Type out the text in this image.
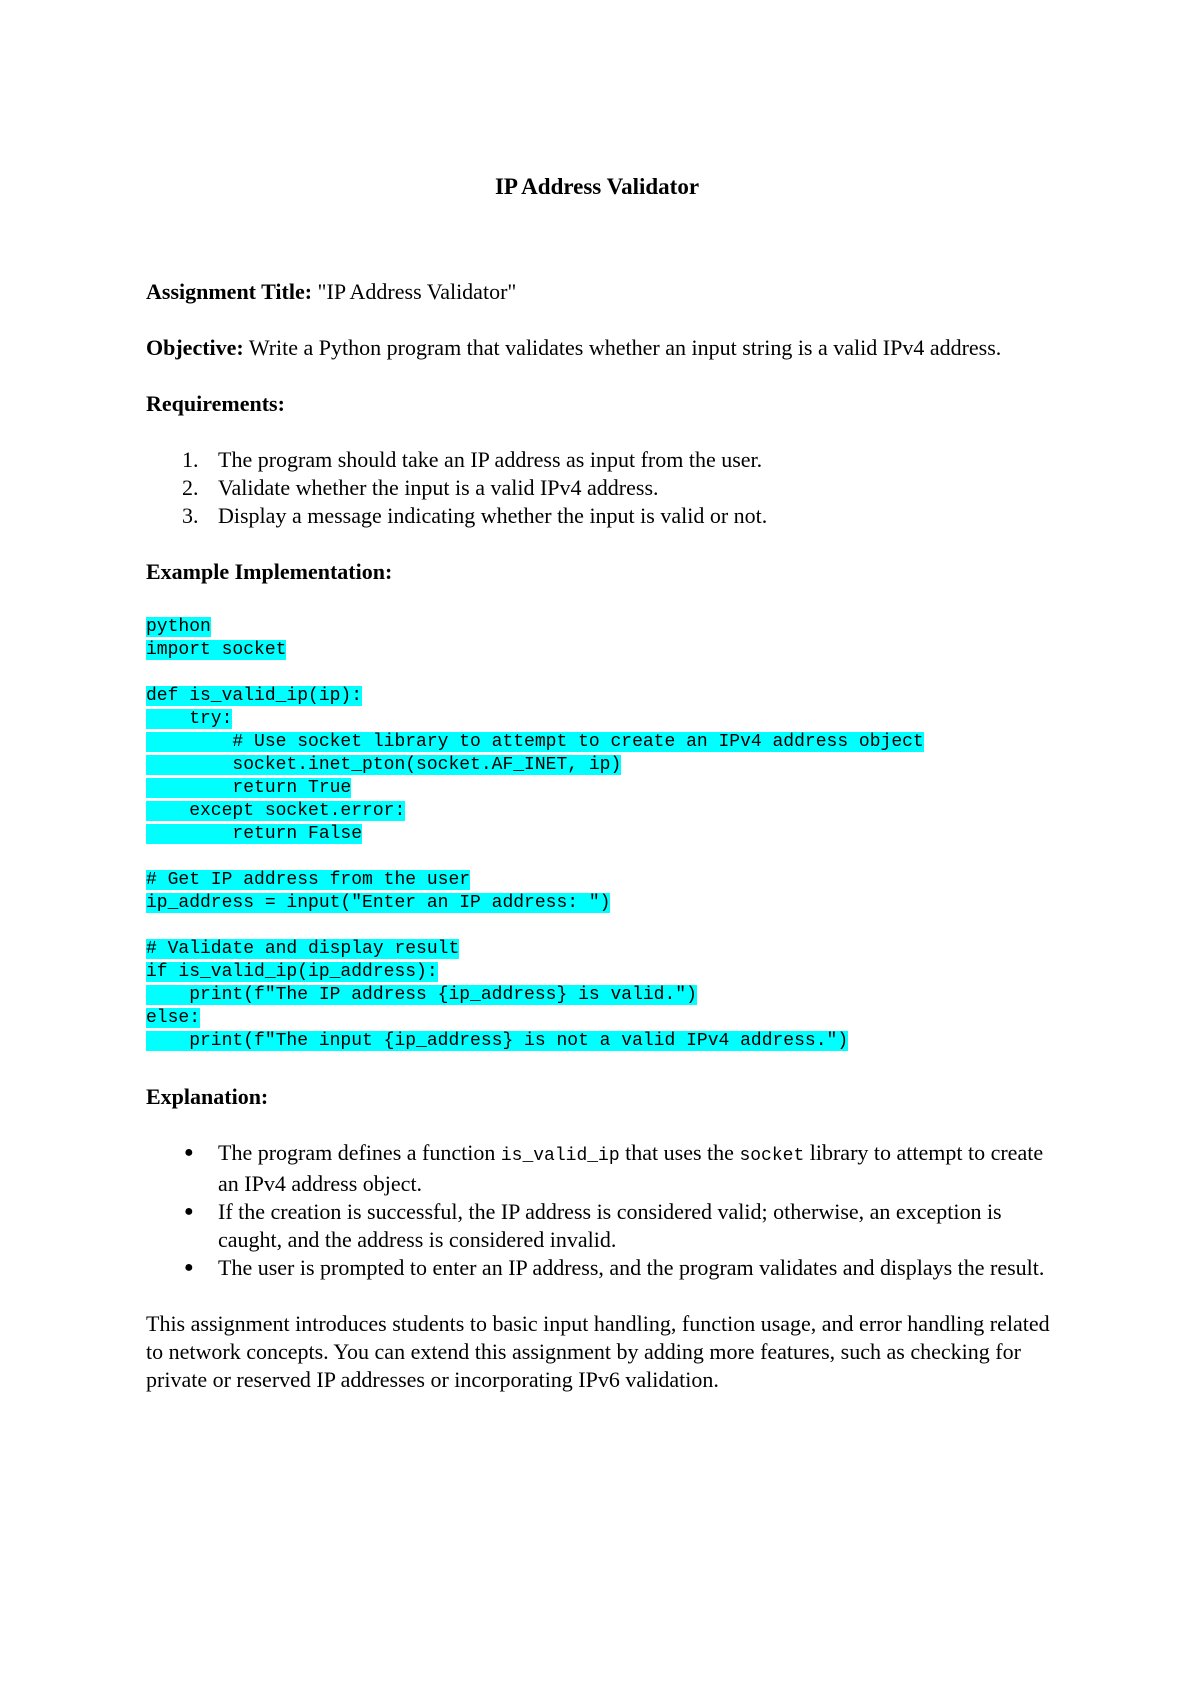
IP Address Validator

Assignment Title: "IP Address Validator"

Objective: Write a Python program that validates whether an input string is a valid IPv4 address.

Requirements:

1. The program should take an IP address as input from the user.
2. Validate whether the input is a valid IPv4 address.
3. Display a message indicating whether the input is valid or not.

Example Implementation:

python
import socket
def is_valid_ip(ip):
try:
# Use socket library to attempt to create an IPv4 address object
socket.inet_pton(socket.AF_INET, ip)
return True
except socket.error:
return False
# Get IP address from the user
ip_address = input("Enter an IP address: ")
# Validate and display result
if is_valid_ip(ip_address):
print(f"The IP address {ip_address} is valid.")
else:
print(f"The input {ip_address} is not a valid IPv4 address.")

Explanation:

● The program defines a function is_valid_ip that uses the socket library to attempt to create an IPv4 address object.
● If the creation is successful, the IP address is considered valid; otherwise, an exception is caught, and the address is considered invalid.
● The user is prompted to enter an IP address, and the program validates and displays the result.

This assignment introduces students to basic input handling, function usage, and error handling related to network concepts. You can extend this assignment by adding more features, such as checking for private or reserved IP addresses or incorporating IPv6 validation.
